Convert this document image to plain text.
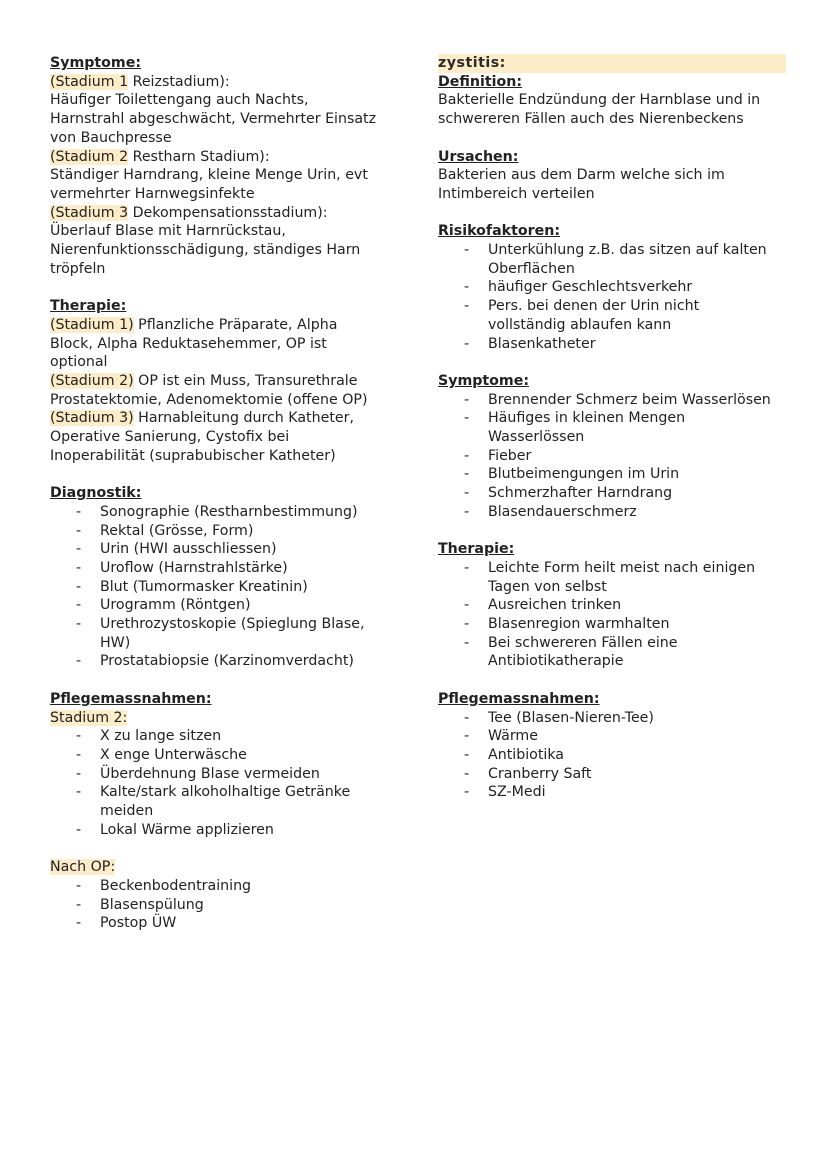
Symptome:
(Stadium 1 Reizstadium):
Häufiger Toilettengang auch Nachts,
Harnstrahl abgeschwächt, Vermehrter Einsatz
von Bauchpresse
(Stadium 2 Restharn Stadium):
Ständiger Harndrang, kleine Menge Urin, evt
vermehrter Harnwegsinfekte
(Stadium 3 Dekompensationsstadium):
Überlauf Blase mit Harnrückstau,
Nierenfunktionsschädigung, ständiges Harn
tröpfeln
Therapie:
(Stadium 1) Pflanzliche Präparate, Alpha
Block, Alpha Reduktasehemmer, OP ist
optional
(Stadium 2) OP ist ein Muss, Transurethrale
Prostatektomie, Adenomektomie (offene OP)
(Stadium 3) Harnableitung durch Katheter,
Operative Sanierung, Cystofix bei
Inoperabilität (suprabubischer Katheter)
Diagnostik:
- Sonographie (Restharnbestimmung)
- Rektal (Grösse, Form)
- Urin (HWI ausschliessen)
- Uroflow (Harnstrahlstärke)
- Blut (Tumormasker Kreatinin)
- Urogramm (Röntgen)
- Urethrozystoskopie (Spieglung Blase,
HW)
- Prostatabiopsie (Karzinomverdacht)
Pflegemassnahmen:
Stadium 2:
- X zu lange sitzen
- X enge Unterwäsche
- Überdehnung Blase vermeiden
- Kalte/stark alkoholhaltige Getränke
meiden
- Lokal Wärme applizieren
Nach OP:
- Beckenbodentraining
- Blasenspülung
- Postop ÜW
zystitis:
Definition:
Bakterielle Endzündung der Harnblase und in
schwereren Fällen auch des Nierenbeckens
Ursachen:
Bakterien aus dem Darm welche sich im
Intimbereich verteilen
Risikofaktoren:
- Unterkühlung z.B. das sitzen auf kalten
Oberflächen
- häufiger Geschlechtsverkehr
- Pers. bei denen der Urin nicht
vollständig ablaufen kann
- Blasenkatheter
Symptome:
- Brennender Schmerz beim Wasserlösen
- Häufiges in kleinen Mengen
Wasserlössen
- Fieber
- Blutbeimengungen im Urin
- Schmerzhafter Harndrang
- Blasendauerschmerz
Therapie:
- Leichte Form heilt meist nach einigen
Tagen von selbst
- Ausreichen trinken
- Blasenregion warmhalten
- Bei schwereren Fällen eine
Antibiotikatherapie
Pflegemassnahmen:
- Tee (Blasen-Nieren-Tee)
- Wärme
- Antibiotika
- Cranberry Saft
- SZ-Medi
